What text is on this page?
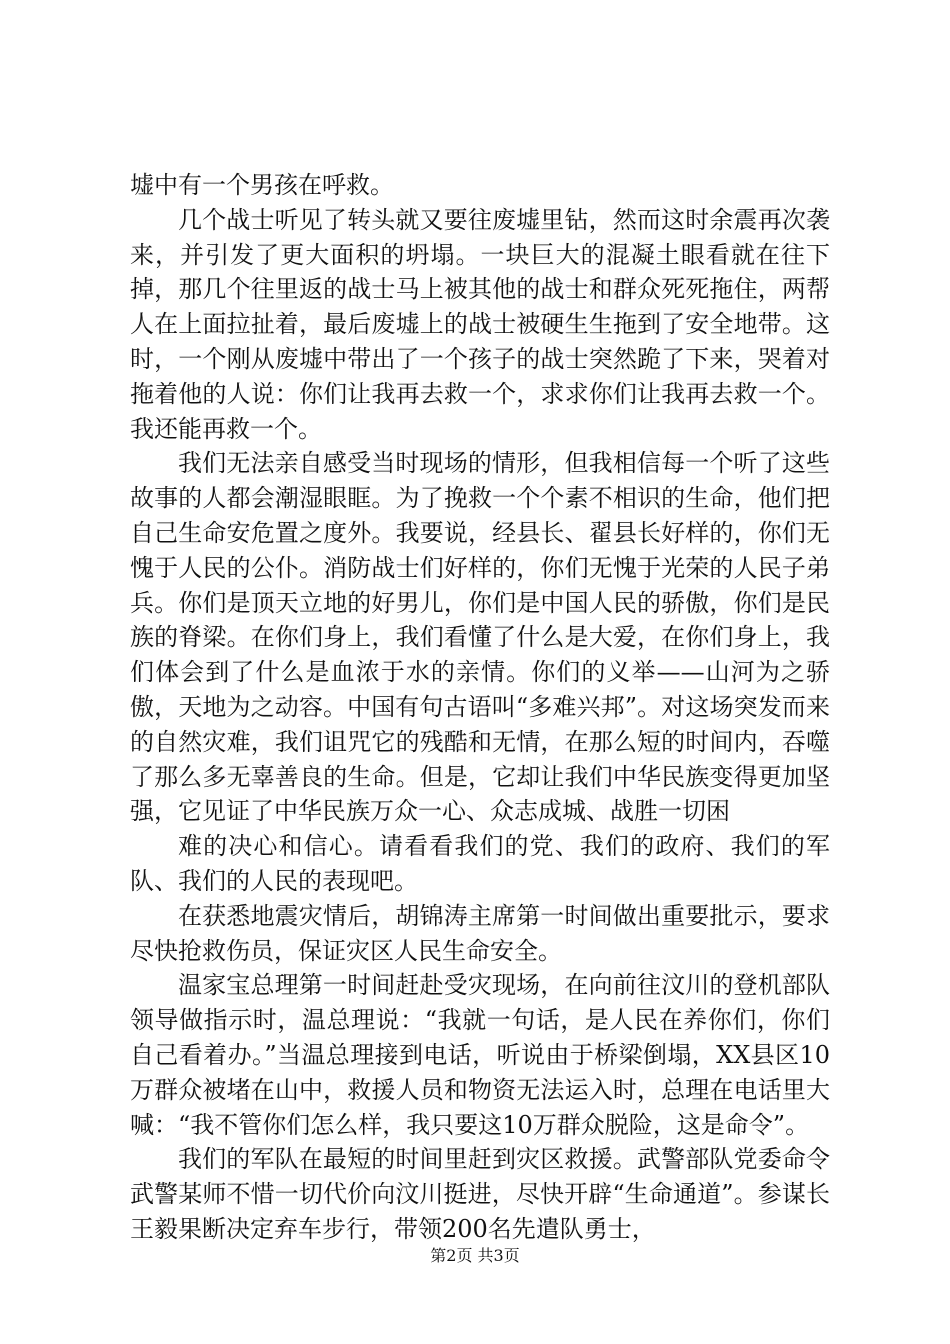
墟中有一个男孩在呼救。

几个战士听见了转头就又要往废墟里钻，然而这时余震再次袭来，并引发了更大面积的坍塌。一块巨大的混凝土眼看就在往下掉，那几个往里返的战士马上被其他的战士和群众死死拖住，两帮人在上面拉扯着，最后废墟上的战士被硬生生拖到了安全地带。这时，一个刚从废墟中带出了一个孩子的战士突然跪了下来，哭着对拖着他的人说：你们让我再去救一个，求求你们让我再去救一个。我还能再救一个。

我们无法亲自感受当时现场的情形，但我相信每一个听了这些故事的人都会潮湿眼眶。为了挽救一个个素不相识的生命，他们把自己生命安危置之度外。我要说，经县长、翟县长好样的，你们无愧于人民的公仆。消防战士们好样的，你们无愧于光荣的人民子弟兵。你们是顶天立地的好男儿，你们是中国人民的骄傲，你们是民族的脊梁。在你们身上，我们看懂了什么是大爱，在你们身上，我们体会到了什么是血浓于水的亲情。你们的义举——山河为之骄傲，天地为之动容。中国有句古语叫“多难兴邦”。对这场突发而来的自然灾难，我们诅咒它的残酷和无情，在那么短的时间内，吞噬了那么多无辜善良的生命。但是，它却让我们中华民族变得更加坚强，它见证了中华民族万众一心、众志成城、战胜一切困

难的决心和信心。请看看我们的党、我们的政府、我们的军队、我们的人民的表现吧。

在获悉地震灾情后，胡锦涛主席第一时间做出重要批示，要求尽快抢救伤员，保证灾区人民生命安全。

温家宝总理第一时间赶赴受灾现场，在向前往汶川的登机部队领导做指示时，温总理说：“我就一句话，是人民在养你们，你们自己看着办。”当温总理接到电话，听说由于桥梁倒塌，XX县区10万群众被堵在山中，救援人员和物资无法运入时，总理在电话里大喊：“我不管你们怎么样，我只要这10万群众脱险，这是命令”。

我们的军队在最短的时间里赶到灾区救援。武警部队党委命令武警某师不惜一切代价向汶川挺进，尽快开辟“生命通道”。参谋长王毅果断决定弃车步行，带领200名先遣队勇士，

第2页 共3页
